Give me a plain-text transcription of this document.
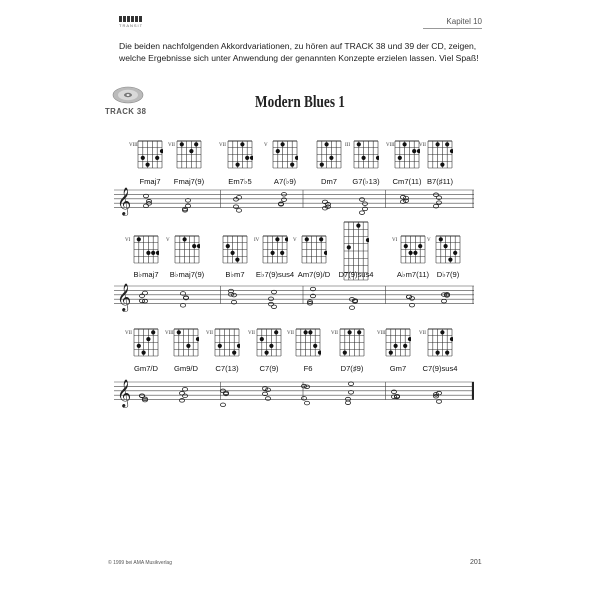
TRANSIT	Kapitel 10

Die beiden nachfolgenden Akkordvariationen, zu hören auf TRACK 38 und 39 der CD, zeigen, welche Ergebnisse sich unter Anwendung der genannten Konzepte erzielen lassen. Viel Spaß!

TRACK 38
Modern Blues 1
VIII
Fmaj7
VII
Fmaj7(9)
VII
Em7♭5
V
A7(♭9)	Dm7
III
G7(♭13)
VIII
Cm7(11)
VII
B7(♯11)
𝄞
VI
B♭maj7
V
B♭maj7(9)	B♭m7
IV
E♭7(9)sus4
V
Am7(9)/D D7(9)sus4
VI
A♭m7(11)
V
D♭7(9)
𝄞
VII
Gm7/D
VIII
Gm9/D
VII
C7(13)
VII
C7(9)
VII
F6
VII
D7(♯9)
VIII
Gm7
VII
C7(9)sus4
𝄞
© 1999 bei AMA Musikverlag	201
